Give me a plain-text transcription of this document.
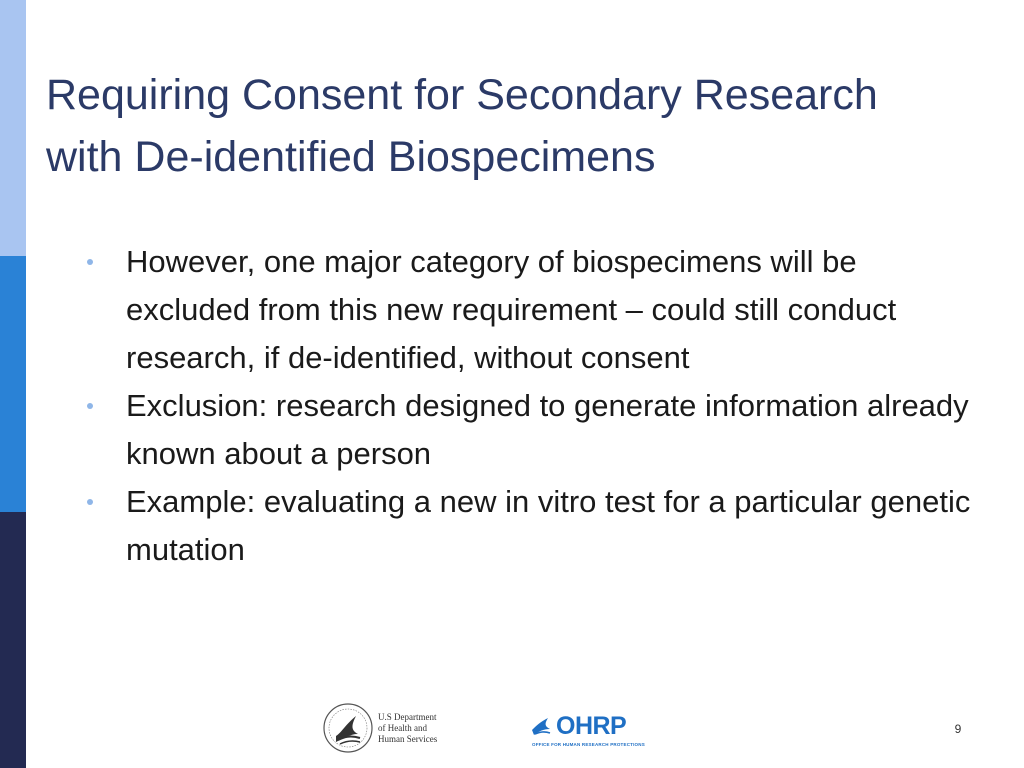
Requiring Consent for Secondary Research
with De-identified Biospecimens
However, one major category of biospecimens will be excluded from this new requirement – could still conduct research, if de-identified, without consent
Exclusion: research designed to generate information already known about a person
Example: evaluating a new in vitro test for a particular genetic mutation
U.S Department
of Health and
Human Services	OHRP
OFFICE FOR HUMAN RESEARCH PROTECTIONS
9
